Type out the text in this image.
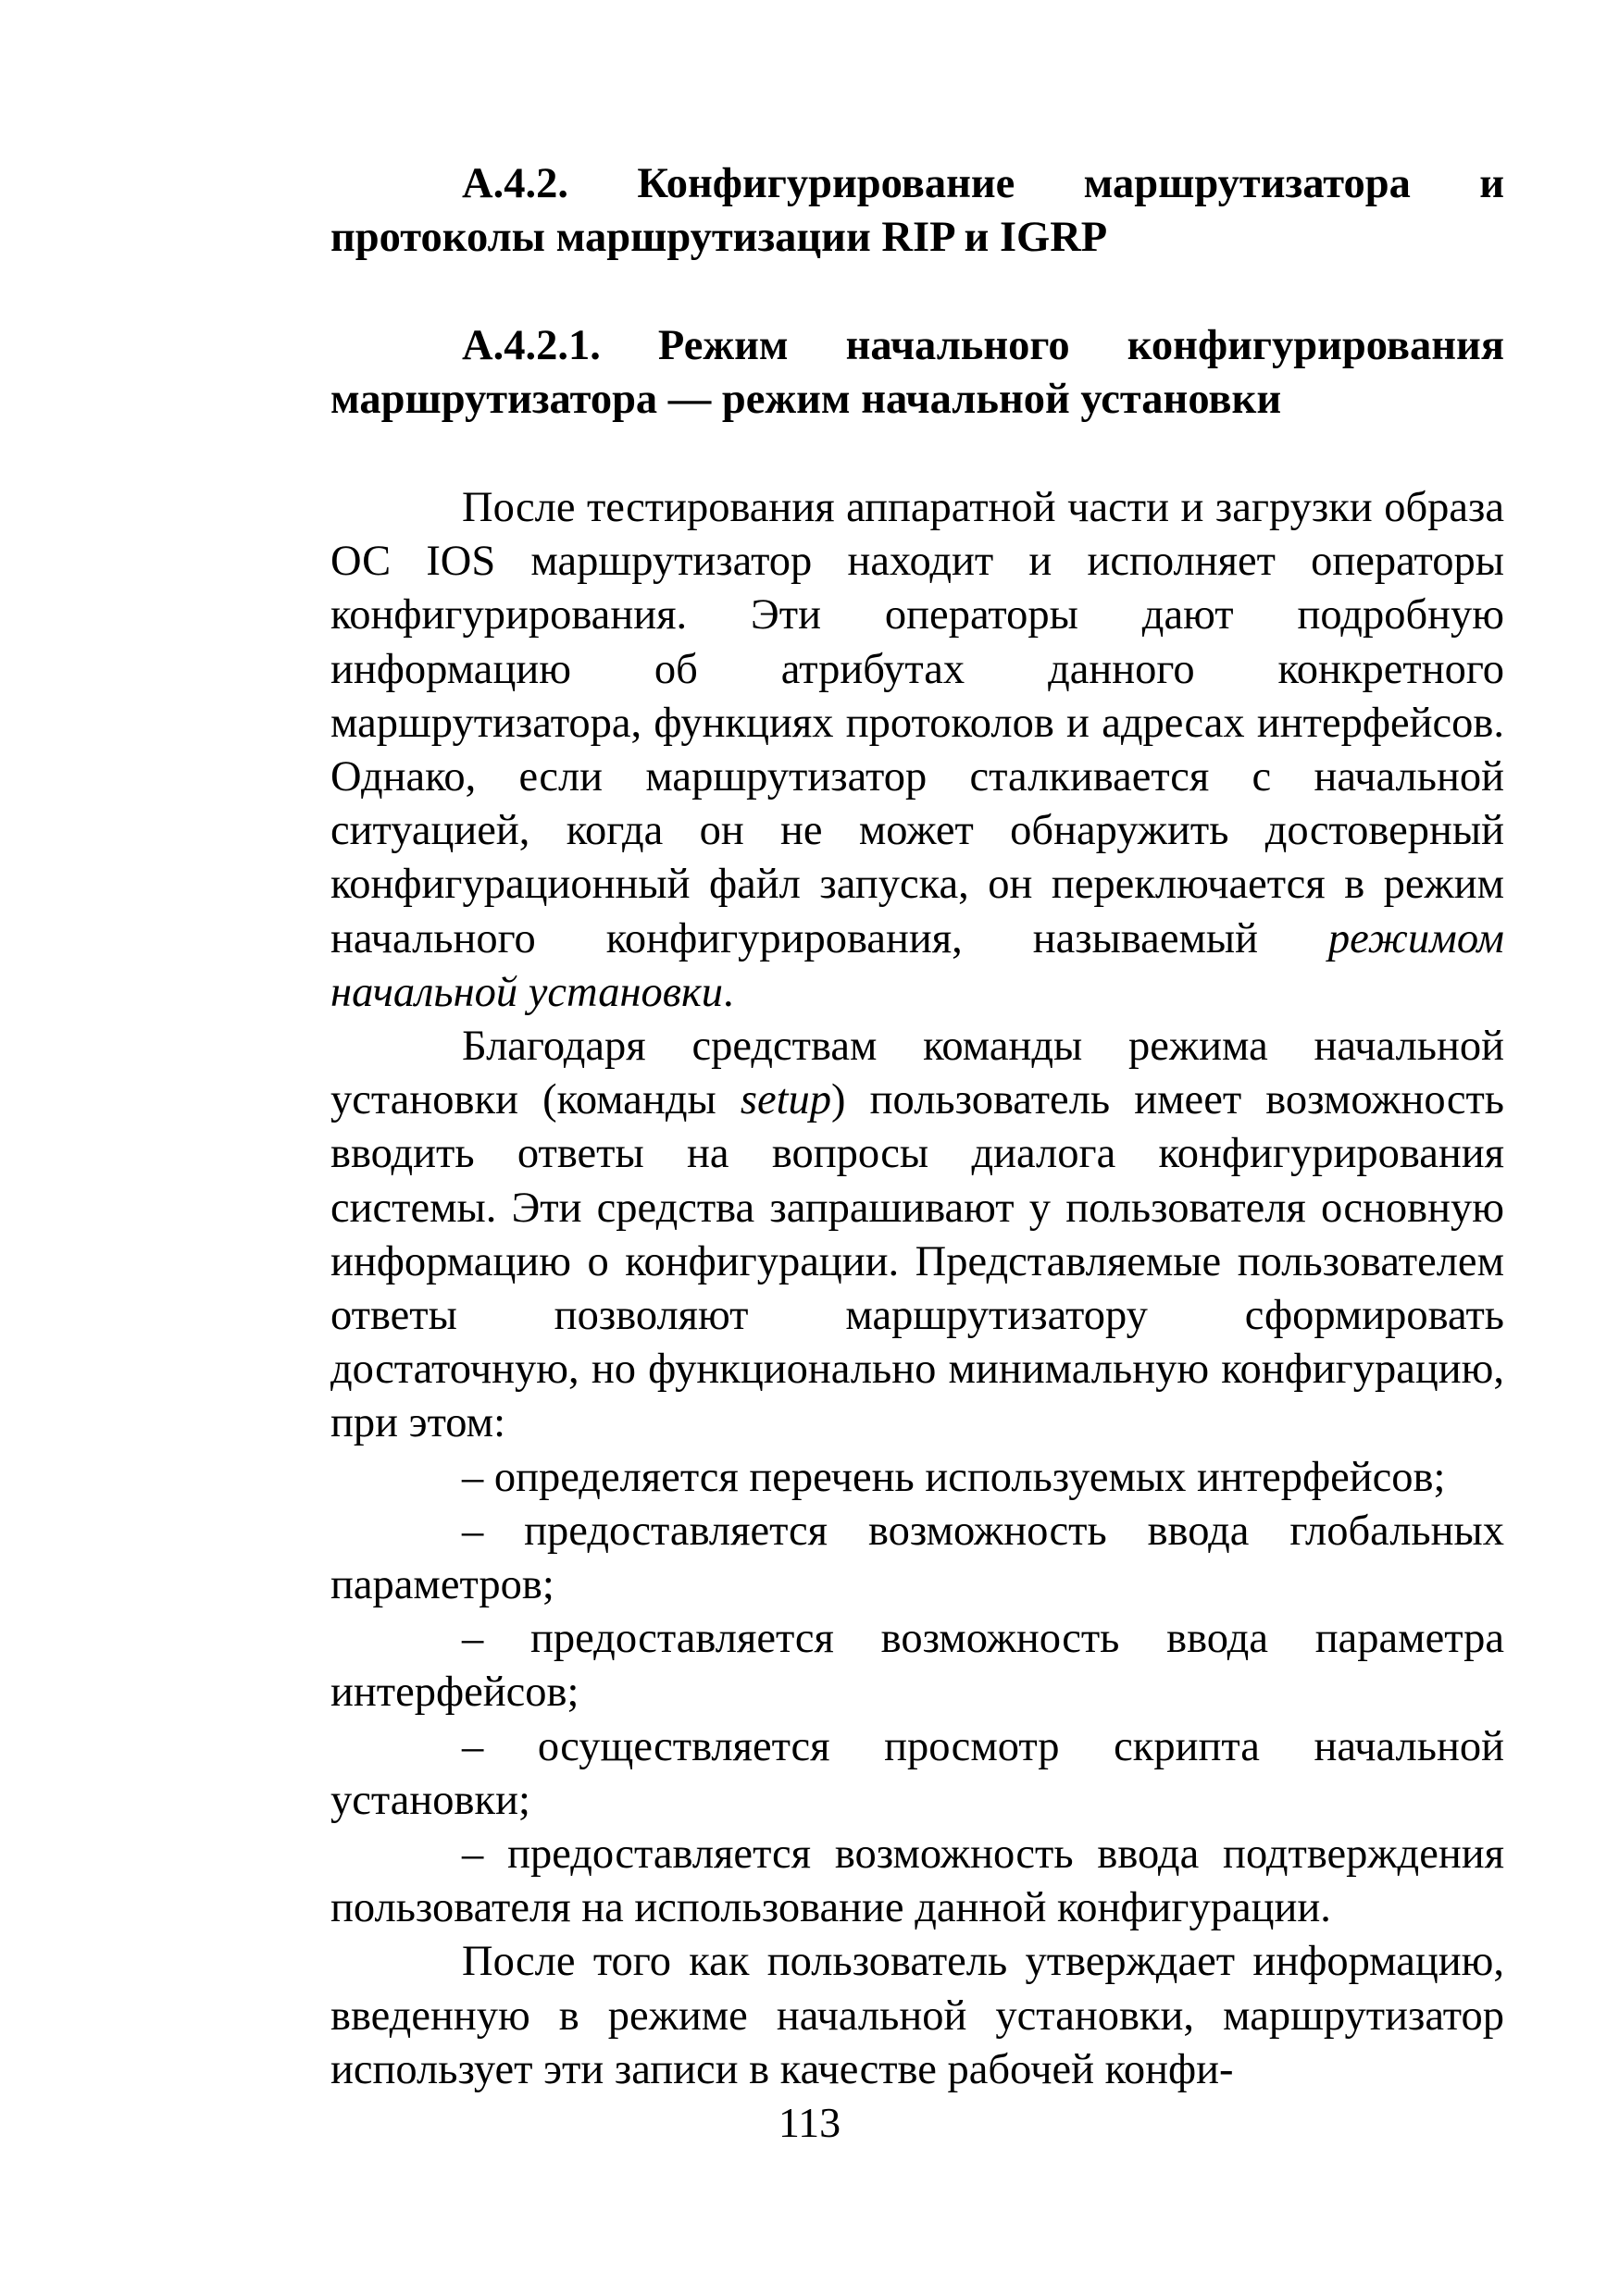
А.4.2. Конфигурирование маршрутизатора и протоколы маршрутизации RIP и IGRP
А.4.2.1. Режим начального конфигурирования маршрутизатора — режим начальной установки

После тестирования аппаратной части и загрузки образа ОС IOS маршрутизатор находит и исполняет операторы конфигурирования. Эти операторы дают подробную информацию об атрибутах данного конкретного маршрутизатора, функциях протоколов и адресах интерфейсов. Однако, если маршрутизатор сталкивается с начальной ситуацией, когда он не может обнаружить достоверный конфигурационный файл запуска, он переключается в режим начального конфигурирования, называемый режимом начальной установки.

Благодаря средствам команды режима начальной установки (команды setup) пользователь имеет возможность вводить ответы на вопросы диалога конфигурирования системы. Эти средства запрашивают у пользователя основную информацию о конфигурации. Представляемые пользователем ответы позволяют маршрутизатору сформировать достаточную, но функционально минимальную конфигурацию, при этом:

– определяется перечень используемых интерфейсов;

– предоставляется возможность ввода глобальных параметров;

– предоставляется возможность ввода параметра интерфейсов;

– осуществляется просмотр скрипта начальной установки;

– предоставляется возможность ввода подтверждения пользователя на использование данной конфигурации.

После того как пользователь утверждает информацию, введенную в режиме начальной установки, маршрутизатор использует эти записи в качестве рабочей конфи-

113
